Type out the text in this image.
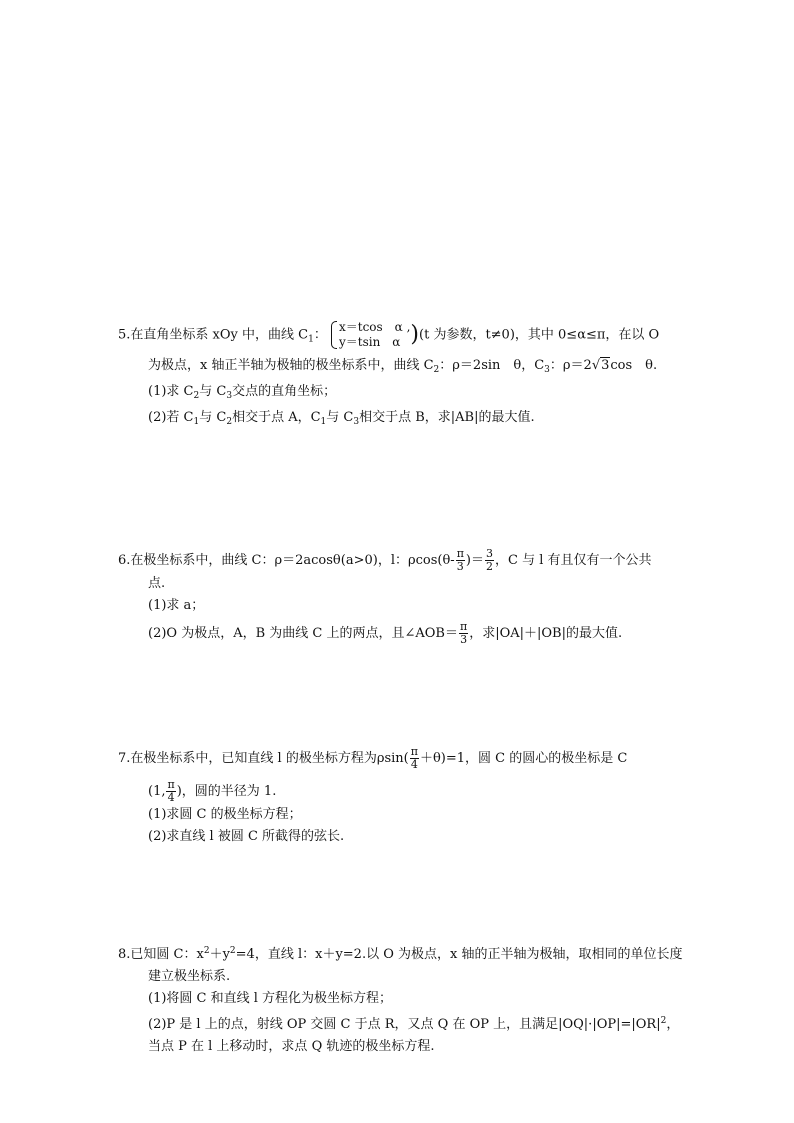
5.在直角坐标系 xOy 中，曲线 $C_1$：
x＝tcos　α ,
y＝tsin　α )(t 为参数，t≠0)，其中 0≤α≤π，在以 O
为极点，x 轴正半轴为极轴的极坐标系中，曲线 $C_2$：ρ＝2sin　θ，$C_3$：ρ＝2√3cos　θ.
(1)求 $C_2$与 $C_3$交点的直角坐标；
(2)若 $C_1$与 $C_2$相交于点 A，$C_1$与 $C_3$相交于点 B，求|AB|的最大值.
6.在极坐标系中，曲线 C：ρ＝2acosθ(a>0)，l：$\rho\cos(\theta- \frac{\pi}{3}$ )＝ $\frac{3}{2}$ ，C 与 l 有且仅有一个公共
点.
(1)求 a；
(2)O 为极点，A，B 为曲线 C 上的两点，且∠AOB＝ $\frac{\pi}{3}$ ，求|OA|＋|OB|的最大值.
7.在极坐标系中，已知直线 l 的极坐标方程为$\rho\sin( \frac{\pi}{4} +\theta)=1$，圆 C 的圆心的极坐标是 C
(1, $\frac{\pi}{4}$ )，圆的半径为 1.
(1)求圆 C 的极坐标方程；
(2)求直线 l 被圆 C 所截得的弦长.
8.已知圆 C：$x^2+y^2=4$，直线 l：x＋y=2.以 O 为极点，x 轴的正半轴为极轴，取相同的单位长度
建立极坐标系.
(1)将圆 C 和直线 l 方程化为极坐标方程；
(2)P 是 l 上的点，射线 OP 交圆 C 于点 R，又点 Q 在 OP 上，且满足$|OQ|\cdot|OP|=|OR|^2$，
当点 P 在 l 上移动时，求点 Q 轨迹的极坐标方程.
